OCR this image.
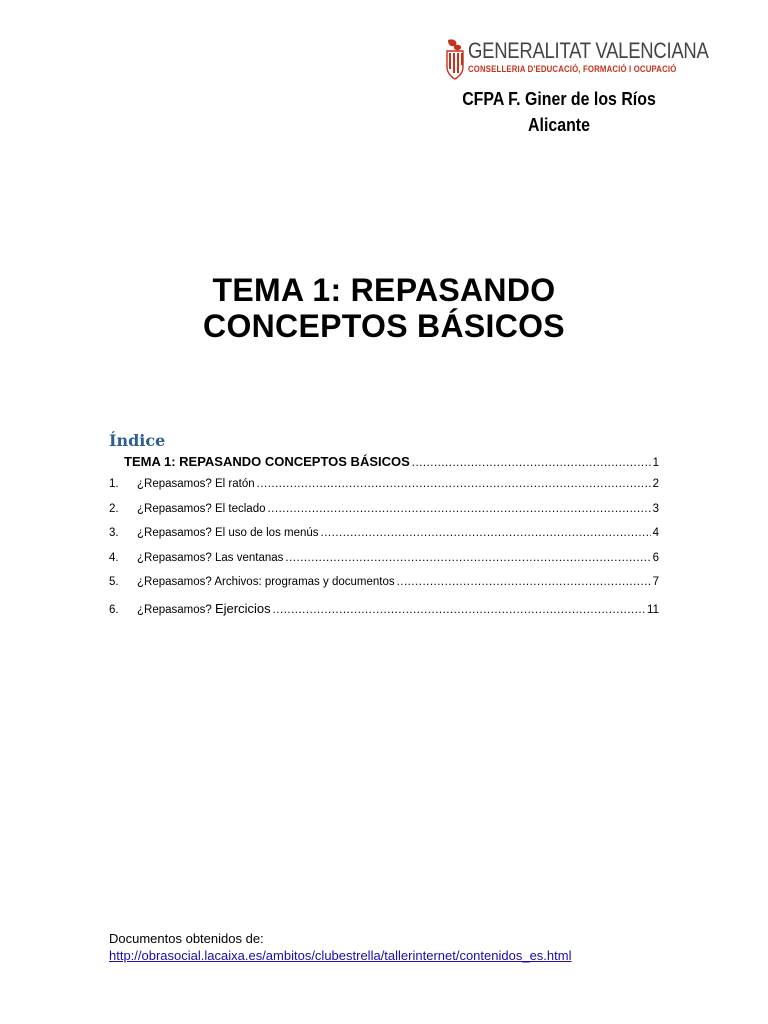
GENERALITAT VALENCIANA
CONSELLERIA D'EDUCACIÓ, FORMACIÓ I OCUPACIÓ
CFPA F. Giner de los Ríos
Alicante
TEMA 1: REPASANDO
CONCEPTOS BÁSICOS
Índice
TEMA 1: REPASANDO CONCEPTOS BÁSICOS .....	1
1.	¿Repasamos? El ratón .....	2
2.	¿Repasamos? El teclado .....	3
3.	¿Repasamos? El uso de los menús .....	4
4.	¿Repasamos? Las ventanas .....	6
5.	¿Repasamos? Archivos: programas y documentos .....	7
6.	¿Repasamos? Ejercicios .....	11
Documentos obtenidos de:
http://obrasocial.lacaixa.es/ambitos/clubestrella/tallerinternet/contenidos_es.html
